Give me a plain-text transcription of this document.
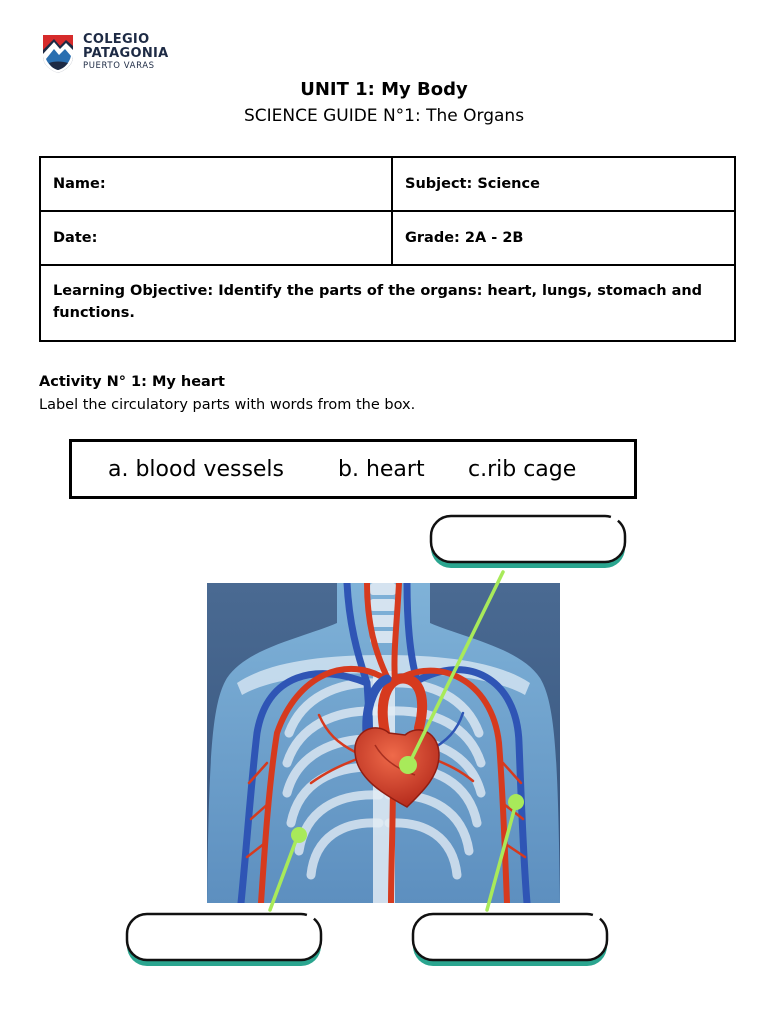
COLEGIO
PATAGONIA
PUERTO VARAS
UNIT 1: My Body
SCIENCE GUIDE N°1: The Organs
Name:	Subject: Science
Date:	Grade: 2A - 2B
Learning Objective: Identify the parts of the organs: heart, lungs, stomach and functions.	
Activity N° 1: My heart
Label the circulatory parts with words from the box.
a. blood vessels b. heart c.rib cage
